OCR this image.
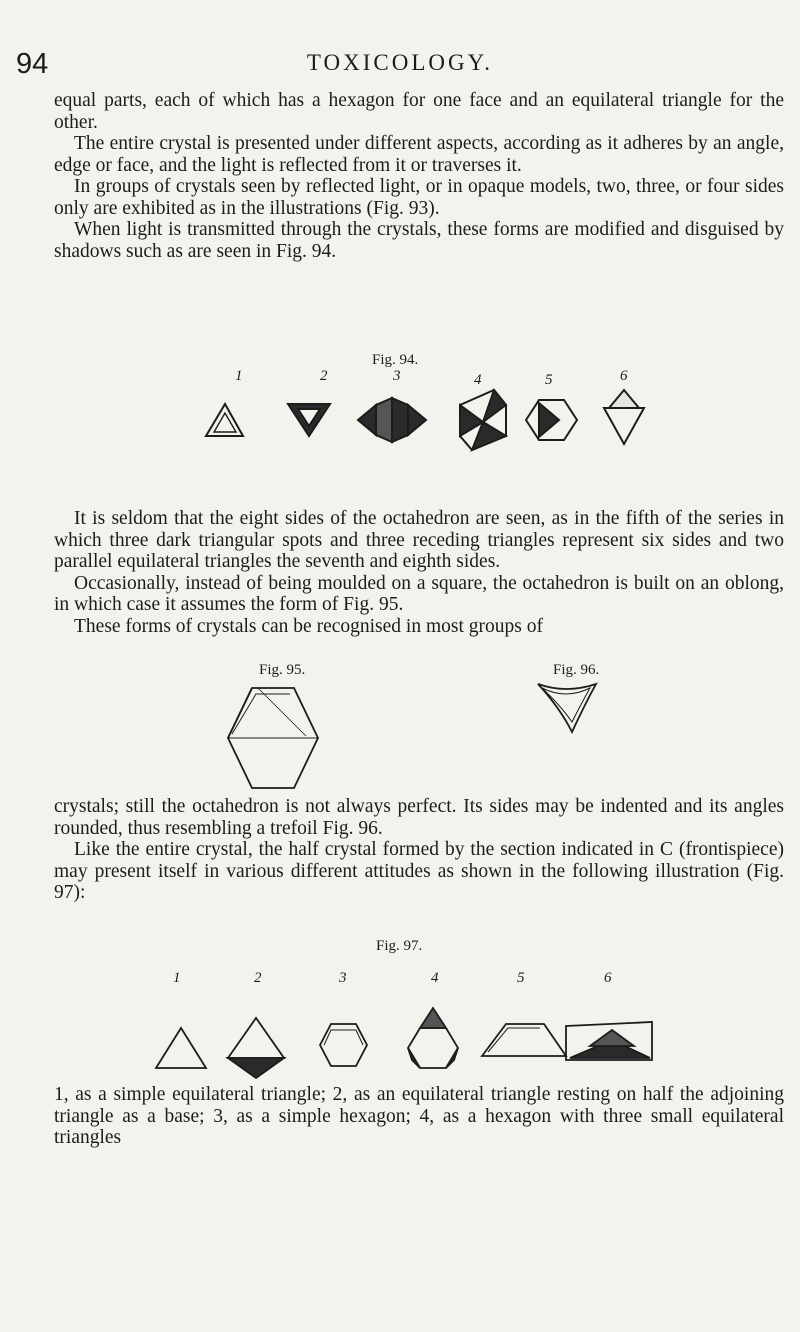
94	TOXICOLOGY.

equal parts, each of which has a hexagon for one face and an equilateral triangle for the other.

The entire crystal is presented under different aspects, according as it adheres by an angle, edge or face, and the light is reflected from it or traverses it.

In groups of crystals seen by reflected light, or in opaque models, two, three, or four sides only are exhibited as in the illustrations (Fig. 93).

When light is transmitted through the crystals, these forms are modified and disguised by shadows such as are seen in Fig. 94.

Fig. 94.
1	2	3	4	5	6

It is seldom that the eight sides of the octahedron are seen, as in the fifth of the series in which three dark triangular spots and three receding triangles represent six sides and two parallel equilateral triangles the seventh and eighth sides.

Occasionally, instead of being moulded on a square, the octahedron is built on an oblong, in which case it assumes the form of Fig. 95.

These forms of crystals can be recognised in most groups of

Fig. 95.	Fig. 96.

crystals; still the octahedron is not always perfect. Its sides may be indented and its angles rounded, thus resembling a trefoil Fig. 96.

Like the entire crystal, the half crystal formed by the section indicated in C (frontispiece) may present itself in various different attitudes as shown in the following illustration (Fig. 97):

Fig. 97.
1	2	3	4	5	6

1, as a simple equilateral triangle; 2, as an equilateral triangle resting on half the adjoining triangle as a base; 3, as a simple hexagon; 4, as a hexagon with three small equilateral triangles
